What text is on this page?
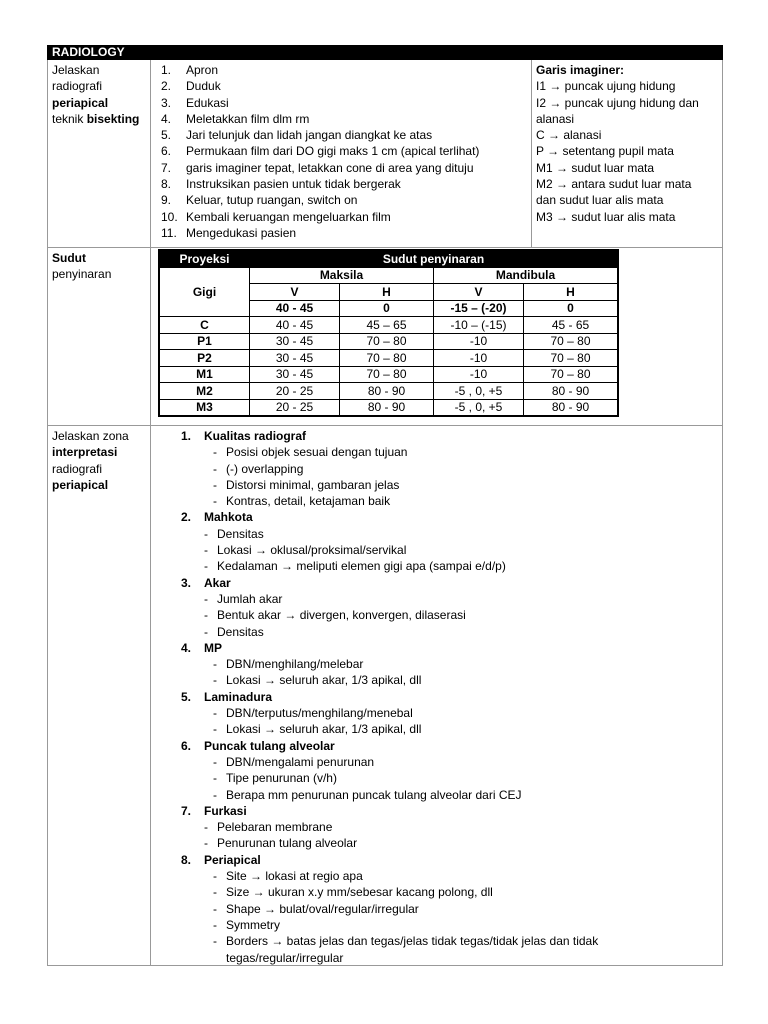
RADIOLOGY
Jelaskan
radiografi
periapical
teknik bisekting
1.	Apron
2.	Duduk
3.	Edukasi
4.	Meletakkan film dlm rm
5.	Jari telunjuk dan lidah jangan diangkat ke atas
6.	Permukaan film dari DO gigi maks 1 cm (apical terlihat)
7.	garis imaginer tepat, letakkan cone di area yang dituju
8.	Instruksikan pasien untuk tidak bergerak
9.	Keluar, tutup ruangan, switch on
10. Kembali keruangan mengeluarkan film
11. Mengedukasi pasien
Garis imaginer:
I1 → puncak ujung hidung
I2 → puncak ujung hidung dan
alanasi
C → alanasi
P → setentang pupil mata
M1 → sudut luar mata
M2 → antara sudut luar mata
dan sudut luar alis mata
M3 → sudut luar alis mata
Sudut
penyinaran
Proyeksi	Sudut penyinaran			
Gigi	Maksila		Mandibula	
	V	H	V	H
	40 - 45	0	-15 – (-20)	0
C	40 - 45	45 – 65	-10 – (-15)	45 - 65
P1	30 - 45	70 – 80	-10	70 – 80
P2	30 - 45	70 – 80	-10	70 – 80
M1	30 - 45	70 – 80	-10	70 – 80
M2	20 - 25	80 - 90	-5 , 0, +5	80 - 90
M3	20 - 25	80 - 90	-5 , 0, +5	80 - 90
Jelaskan zona
interpretasi
radiografi
periapical
1.	Kualitas radiograf
- Posisi objek sesuai dengan tujuan
- (-) overlapping
- Distorsi minimal, gambaran jelas
- Kontras, detail, ketajaman baik
2.	Mahkota
- Densitas
- Lokasi → oklusal/proksimal/servikal
- Kedalaman → meliputi elemen gigi apa (sampai e/d/p)
3.	Akar
- Jumlah akar
- Bentuk akar → divergen, konvergen, dilaserasi
- Densitas
4.	MP
- DBN/menghilang/melebar
- Lokasi → seluruh akar, 1/3 apikal, dll
5.	Laminadura
- DBN/terputus/menghilang/menebal
- Lokasi → seluruh akar, 1/3 apikal, dll
6.	Puncak tulang alveolar
- DBN/mengalami penurunan
- Tipe penurunan (v/h)
- Berapa mm penurunan puncak tulang alveolar dari CEJ
7.	Furkasi
- Pelebaran membrane
- Penurunan tulang alveolar
8.	Periapical
- Site → lokasi at regio apa
- Size → ukuran x.y mm/sebesar kacang polong, dll
- Shape → bulat/oval/regular/irregular
- Symmetry
- Borders → batas jelas dan tegas/jelas tidak tegas/tidak jelas dan tidak tegas/regular/irregular
